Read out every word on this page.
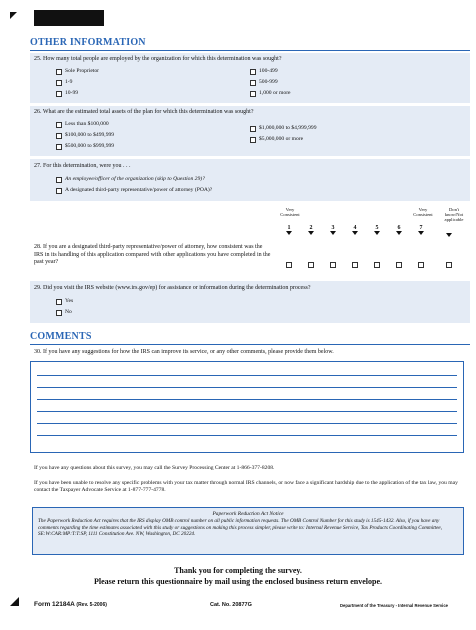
OTHER INFORMATION
25. How many total people are employed by the organization for which this determination was sought?
Sole Proprietor
1-9
10-99
100-499
500-999
1,000 or more
26. What are the estimated total assets of the plan for which this determination was sought?
Less than $100,000
$100,000 to $499,999
$500,000 to $999,999
$1,000,000 to $4,999,999
$5,000,000 or more
27. For this determination, were you . . .
An employee/officer of the organization (skip to Question 29)?
A designated third-party representative/power of attorney (POA)?
Very Consistent
Very Consistent
Don't know/Not applicable
1	2	3	4	5	6	7
28. If you are a designated third-party representative/power of attorney, how consistent was the IRS in its handling of this application compared with other applications you have completed in the past year?
29. Did you visit the IRS website (www.irs.gov/ep) for assistance or information during the determination process?
Yes
No
COMMENTS
30. If you have any suggestions for how the IRS can improve its service, or any other comments, please provide them below.
If you have any questions about this survey, you may call the Survey Processing Center at 1-866-377-8208.
If you have been unable to resolve any specific problems with your tax matter through normal IRS channels, or now face a significant hardship due to the application of the tax law, you may contact the Taxpayer Advocate Service at 1-877-777-4778.
Paperwork Reduction Act Notice
The Paperwork Reduction Act requires that the IRS display OMB control number on all public information requests. The OMB Control Number for this study is 1545-1432. Also, if you have any comments regarding the time estimates associated with this study or suggestions on making this process simpler, please write to: Internal Revenue Service, Tax Products Coordinating Committee, SE:W:CAR:MP:T:T:SP, 1111 Constitution Ave. NW, Washington, DC 20224.
Thank you for completing the survey.
Please return this questionnaire by mail using the enclosed business return envelope.
Form 12184A (Rev. 5-2006)	Cat. No. 20877G	Department of the Treasury - Internal Revenue Service
